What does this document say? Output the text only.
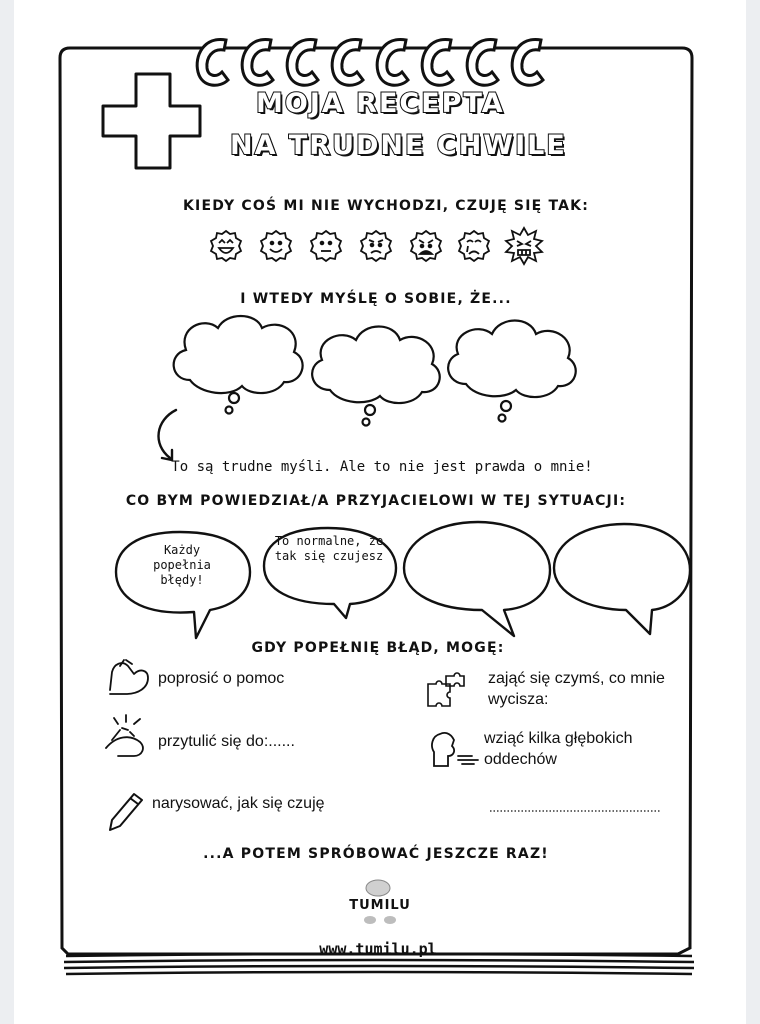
MOJA RECEPTA
NA TRUDNE CHWILE
KIEDY COŚ MI NIE WYCHODZI, CZUJĘ SIĘ TAK:
I WTEDY MYŚLĘ O SOBIE, ŻE...
To są trudne myśli. Ale to nie jest prawda o mnie!
CO BYM POWIEDZIAŁ/A PRZYJACIELOWI W TEJ SYTUACJI:
Każdy popełnia błędy!
To normalne, że tak się czujesz
GDY POPEŁNIĘ BŁĄD, MOGĘ:
poprosić o pomoc	zająć się czymś, co mnie wycisza:
przytulić się do:......	wziąć kilka głębokich oddechów
narysować, jak się czuję
...A POTEM SPRÓBOWAĆ JESZCZE RAZ!
TUMILU
www.tumilu.pl
